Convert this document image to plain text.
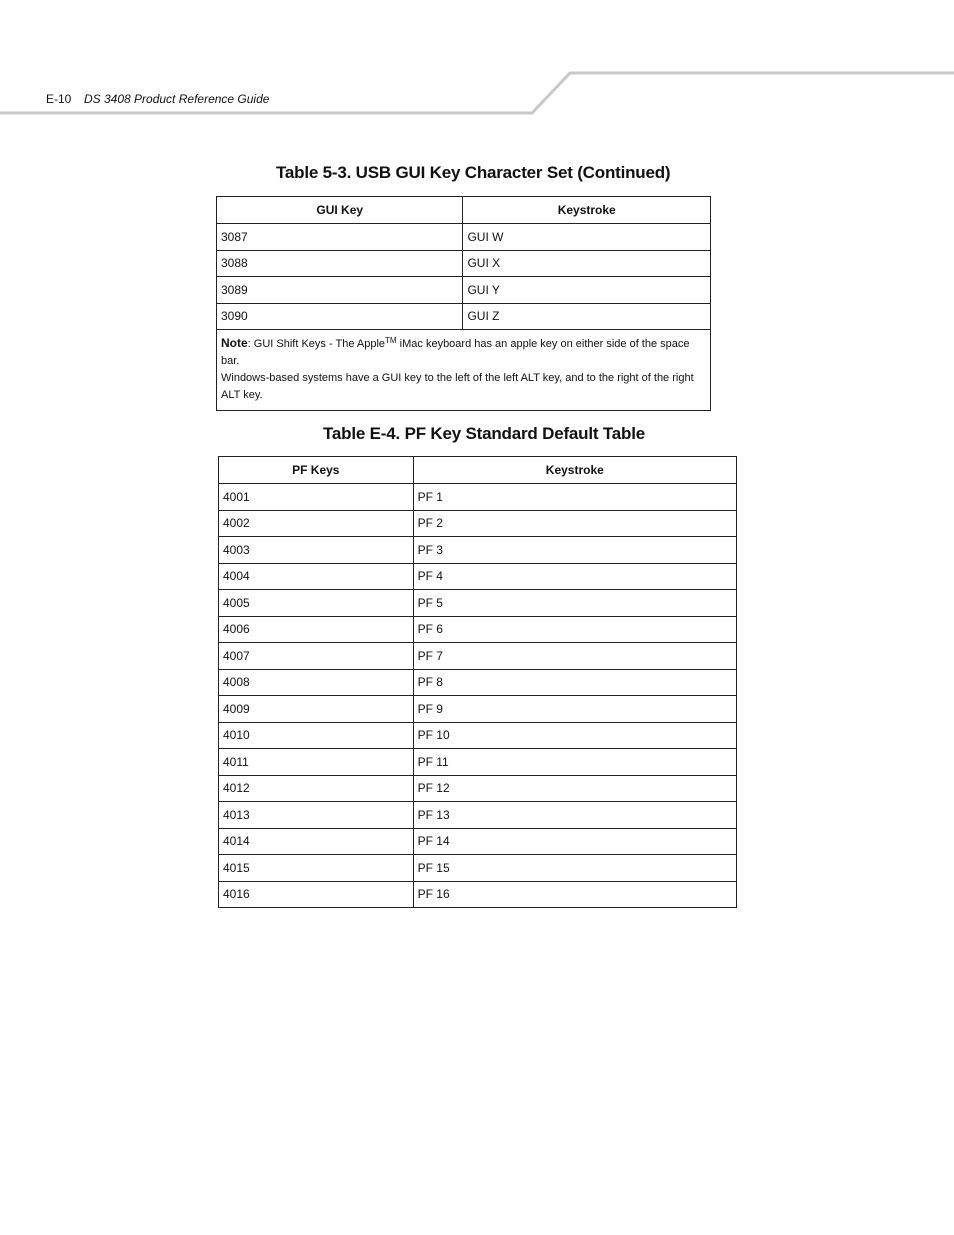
E-10 DS 3408 Product Reference Guide
Table 5-3. USB GUI Key Character Set (Continued)
GUI Key	Keystroke
3087	GUI W
3088	GUI X
3089	GUI Y
3090	GUI Z
Note: GUI Shift Keys - The Apple™ iMac keyboard has an apple key on either side of the space bar.
Windows-based systems have a GUI key to the left of the left ALT key, and to the right of the right ALT key.	
Table E-4. PF Key Standard Default Table
PF Keys	Keystroke
4001	PF 1
4002	PF 2
4003	PF 3
4004	PF 4
4005	PF 5
4006	PF 6
4007	PF 7
4008	PF 8
4009	PF 9
4010	PF 10
4011	PF 11
4012	PF 12
4013	PF 13
4014	PF 14
4015	PF 15
4016	PF 16
